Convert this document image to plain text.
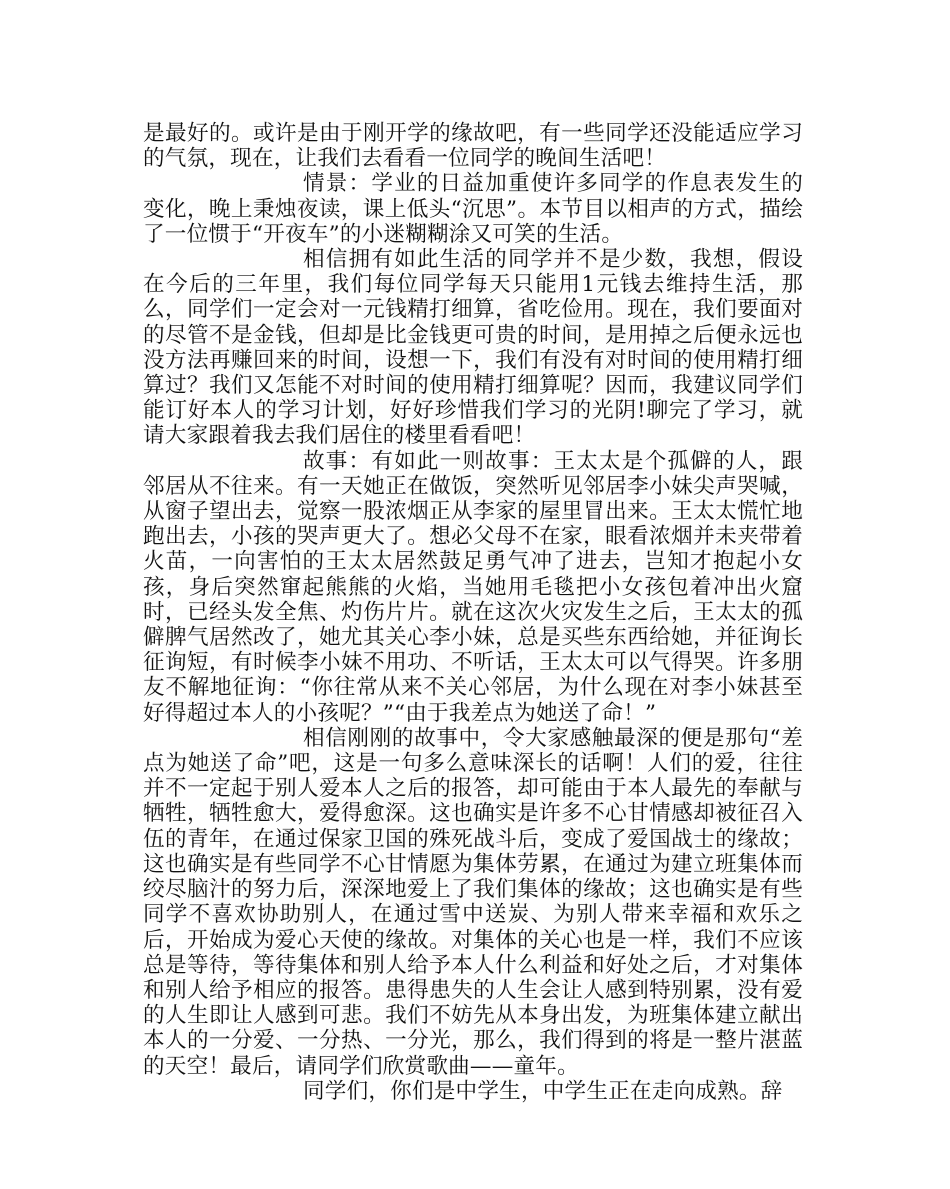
是最好的。或许是由于刚开学的缘故吧，有一些同学还没能适应学习的气氛，现在，让我们去看看一位同学的晚间生活吧！

情景：学业的日益加重使许多同学的作息表发生的变化，晚上秉烛夜读，课上低头“沉思”。本节目以相声的方式，描绘了一位惯于“开夜车”的小迷糊糊涂又可笑的生活。

相信拥有如此生活的同学并不是少数，我想，假设在今后的三年里，我们每位同学每天只能用1元钱去维持生活，那么，同学们一定会对一元钱精打细算，省吃俭用。现在，我们要面对的尽管不是金钱，但却是比金钱更可贵的时间，是用掉之后便永远也没方法再赚回来的时间，设想一下，我们有没有对时间的使用精打细算过？我们又怎能不对时间的使用精打细算呢？因而，我建议同学们能订好本人的学习计划，好好珍惜我们学习的光阴!聊完了学习，就请大家跟着我去我们居住的楼里看看吧！

故事：有如此一则故事：王太太是个孤僻的人，跟邻居从不往来。有一天她正在做饭，突然听见邻居李小妹尖声哭喊，从窗子望出去，觉察一股浓烟正从李家的屋里冒出来。王太太慌忙地跑出去，小孩的哭声更大了。想必父母不在家，眼看浓烟并未夹带着火苗，一向害怕的王太太居然鼓足勇气冲了进去，岂知才抱起小女孩，身后突然窜起熊熊的火焰，当她用毛毯把小女孩包着冲出火窟时，已经头发全焦、灼伤片片。就在这次火灾发生之后，王太太的孤僻脾气居然改了，她尤其关心李小妹，总是买些东西给她，并征询长征询短，有时候李小妹不用功、不听话，王太太可以气得哭。许多朋友不解地征询：“你往常从来不关心邻居，为什么现在对李小妹甚至好得超过本人的小孩呢？”“由于我差点为她送了命！”

相信刚刚的故事中，令大家感触最深的便是那句“差点为她送了命”吧，这是一句多么意味深长的话啊！人们的爱，往往并不一定起于别人爱本人之后的报答，却可能由于本人最先的奉献与牺牲，牺牲愈大，爱得愈深。这也确实是许多不心甘情感却被征召入伍的青年，在通过保家卫国的殊死战斗后，变成了爱国战士的缘故；这也确实是有些同学不心甘情愿为集体劳累，在通过为建立班集体而绞尽脑汁的努力后，深深地爱上了我们集体的缘故；这也确实是有些同学不喜欢协助别人，在通过雪中送炭、为别人带来幸福和欢乐之后，开始成为爱心天使的缘故。对集体的关心也是一样，我们不应该总是等待，等待集体和别人给予本人什么利益和好处之后，才对集体和别人给予相应的报答。患得患失的人生会让人感到特别累，没有爱的人生即让人感到可悲。我们不妨先从本身出发，为班集体建立献出本人的一分爱、一分热、一分光，那么，我们得到的将是一整片湛蓝的天空！最后，请同学们欣赏歌曲——童年。

同学们，你们是中学生，中学生正在走向成熟。辞
